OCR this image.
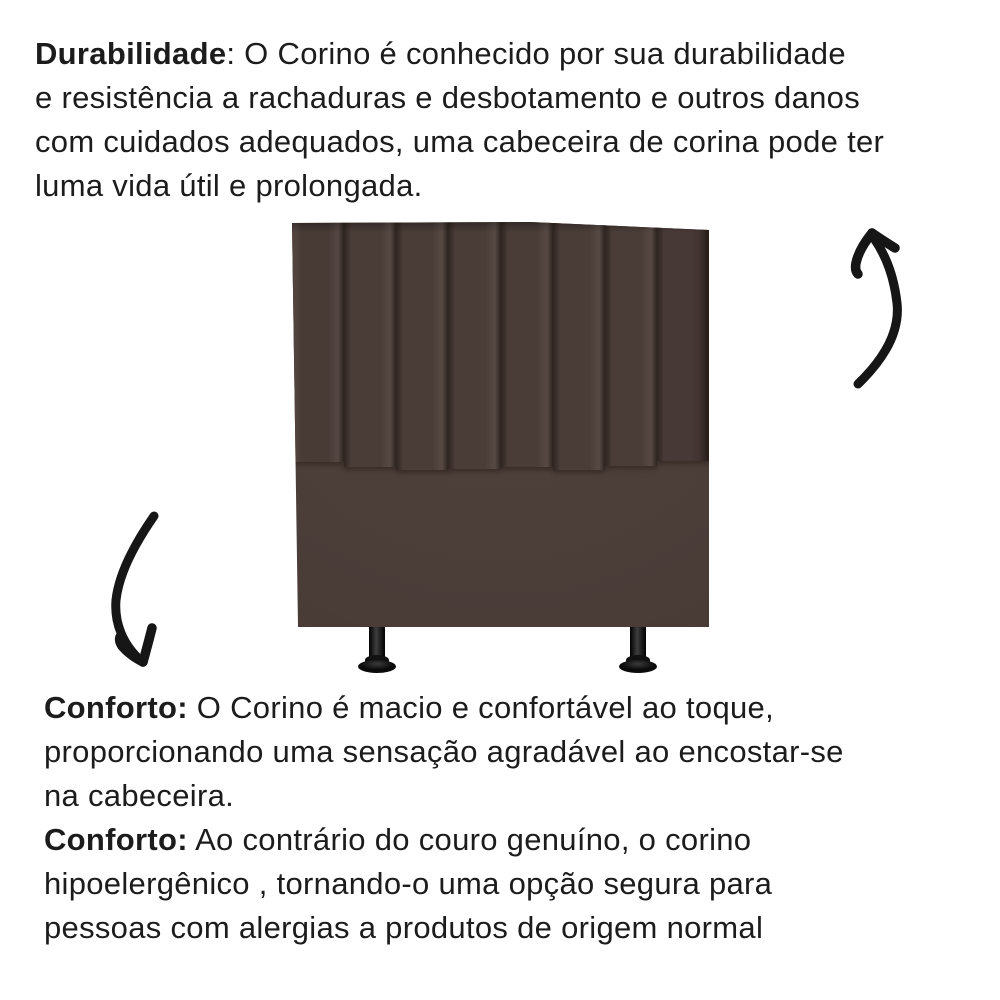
Durabilidade: O Corino é conhecido por sua durabilidade
e resistência a rachaduras e desbotamento e outros danos
com cuidados adequados, uma cabeceira de corina pode ter
luma vida útil e prolongada.
Conforto: O Corino é macio e confortável ao toque,
proporcionando uma sensação agradável ao encostar-se
na cabeceira.
Conforto: Ao contrário do couro genuíno, o corino
hipoelergênico , tornando-o uma opção segura para
pessoas com alergias a produtos de origem normal
